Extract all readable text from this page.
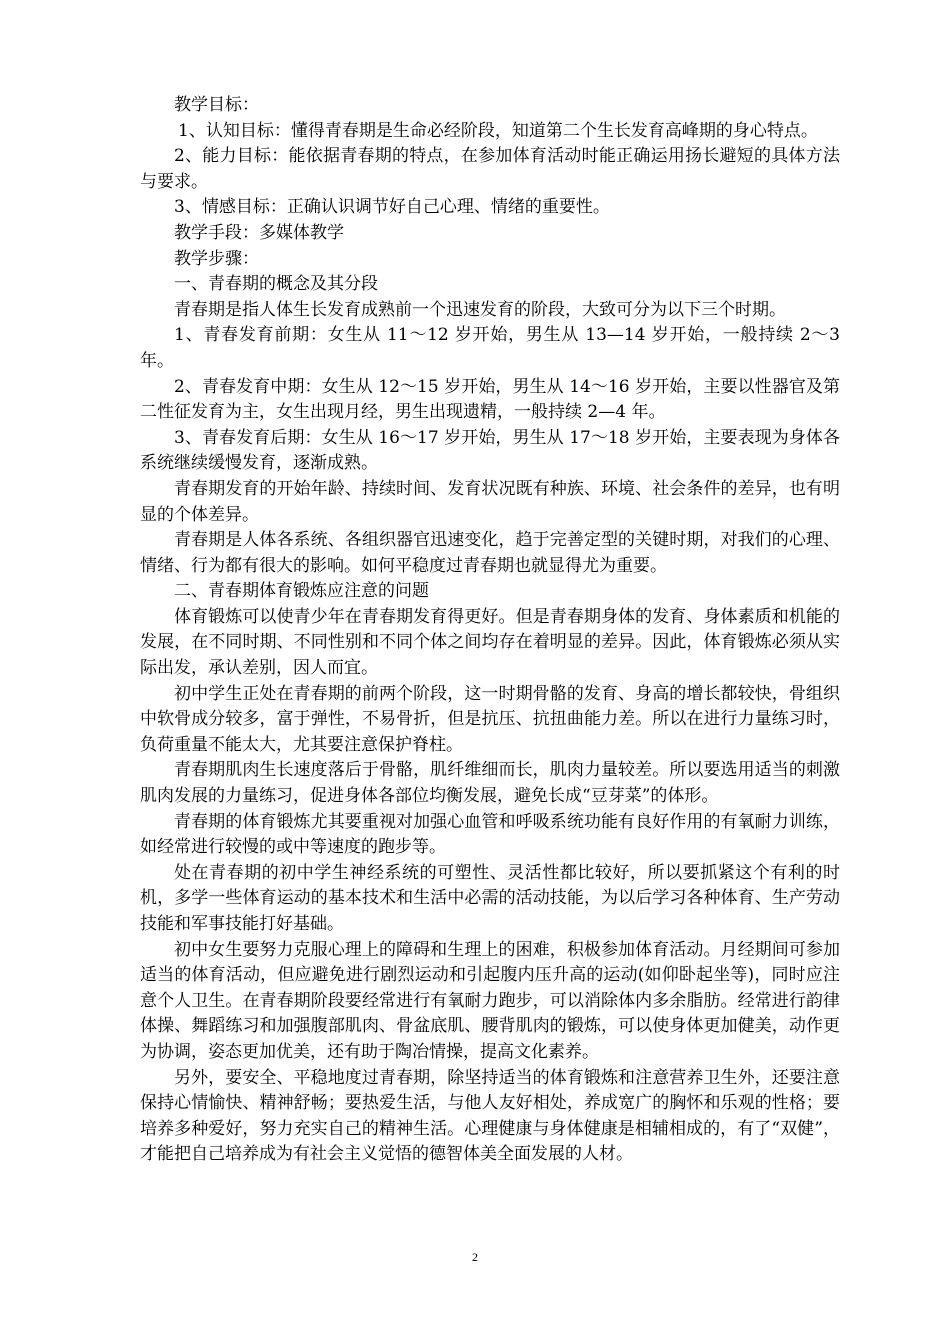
教学目标：

1、认知目标：懂得青春期是生命必经阶段，知道第二个生长发育高峰期的身心特点。

2、能力目标：能依据青春期的特点，在参加体育活动时能正确运用扬长避短的具体方法与要求。

3、情感目标：正确认识调节好自己心理、情绪的重要性。

教学手段：多媒体教学

教学步骤：

一、青春期的概念及其分段

青春期是指人体生长发育成熟前一个迅速发育的阶段，大致可分为以下三个时期。

1、青春发育前期：女生从 11～12 岁开始，男生从 13—14 岁开始，一般持续 2～3 年。

2、青春发育中期：女生从 12～15 岁开始，男生从 14～16 岁开始，主要以性器官及第二性征发育为主，女生出现月经，男生出现遗精，一般持续 2—4 年。

3、青春发育后期：女生从 16～17 岁开始，男生从 17～18 岁开始，主要表现为身体各系统继续缓慢发育，逐渐成熟。

青春期发育的开始年龄、持续时间、发育状况既有种族、环境、社会条件的差异，也有明显的个体差异。

青春期是人体各系统、各组织器官迅速变化，趋于完善定型的关键时期，对我们的心理、情绪、行为都有很大的影响。如何平稳度过青春期也就显得尤为重要。

二、青春期体育锻炼应注意的问题

体育锻炼可以使青少年在青春期发育得更好。但是青春期身体的发育、身体素质和机能的发展，在不同时期、不同性别和不同个体之间均存在着明显的差异。因此，体育锻炼必须从实际出发，承认差别，因人而宜。

初中学生正处在青春期的前两个阶段，这一时期骨骼的发育、身高的增长都较快，骨组织中软骨成分较多，富于弹性，不易骨折，但是抗压、抗扭曲能力差。所以在进行力量练习时，负荷重量不能太大，尤其要注意保护脊柱。

青春期肌肉生长速度落后于骨骼，肌纤维细而长，肌肉力量较差。所以要选用适当的刺激肌肉发展的力量练习，促进身体各部位均衡发展，避免长成“豆芽菜”的体形。

青春期的体育锻炼尤其要重视对加强心血管和呼吸系统功能有良好作用的有氧耐力训练，如经常进行较慢的或中等速度的跑步等。

处在青春期的初中学生神经系统的可塑性、灵活性都比较好，所以要抓紧这个有利的时机，多学一些体育运动的基本技术和生活中必需的活动技能，为以后学习各种体育、生产劳动技能和军事技能打好基础。

初中女生要努力克服心理上的障碍和生理上的困难，积极参加体育活动。月经期间可参加适当的体育活动，但应避免进行剧烈运动和引起腹内压升高的运动(如仰卧起坐等)，同时应注意个人卫生。在青春期阶段要经常进行有氧耐力跑步，可以消除体内多余脂肪。经常进行韵律体操、舞蹈练习和加强腹部肌肉、骨盆底肌、腰背肌肉的锻炼，可以使身体更加健美，动作更为协调，姿态更加优美，还有助于陶冶情操，提高文化素养。

另外，要安全、平稳地度过青春期，除坚持适当的体育锻炼和注意营养卫生外，还要注意保持心情愉快、精神舒畅；要热爱生活，与他人友好相处，养成宽广的胸怀和乐观的性格；要培养多种爱好，努力充实自己的精神生活。心理健康与身体健康是相辅相成的，有了“双健”，才能把自己培养成为有社会主义觉悟的德智体美全面发展的人材。

2
